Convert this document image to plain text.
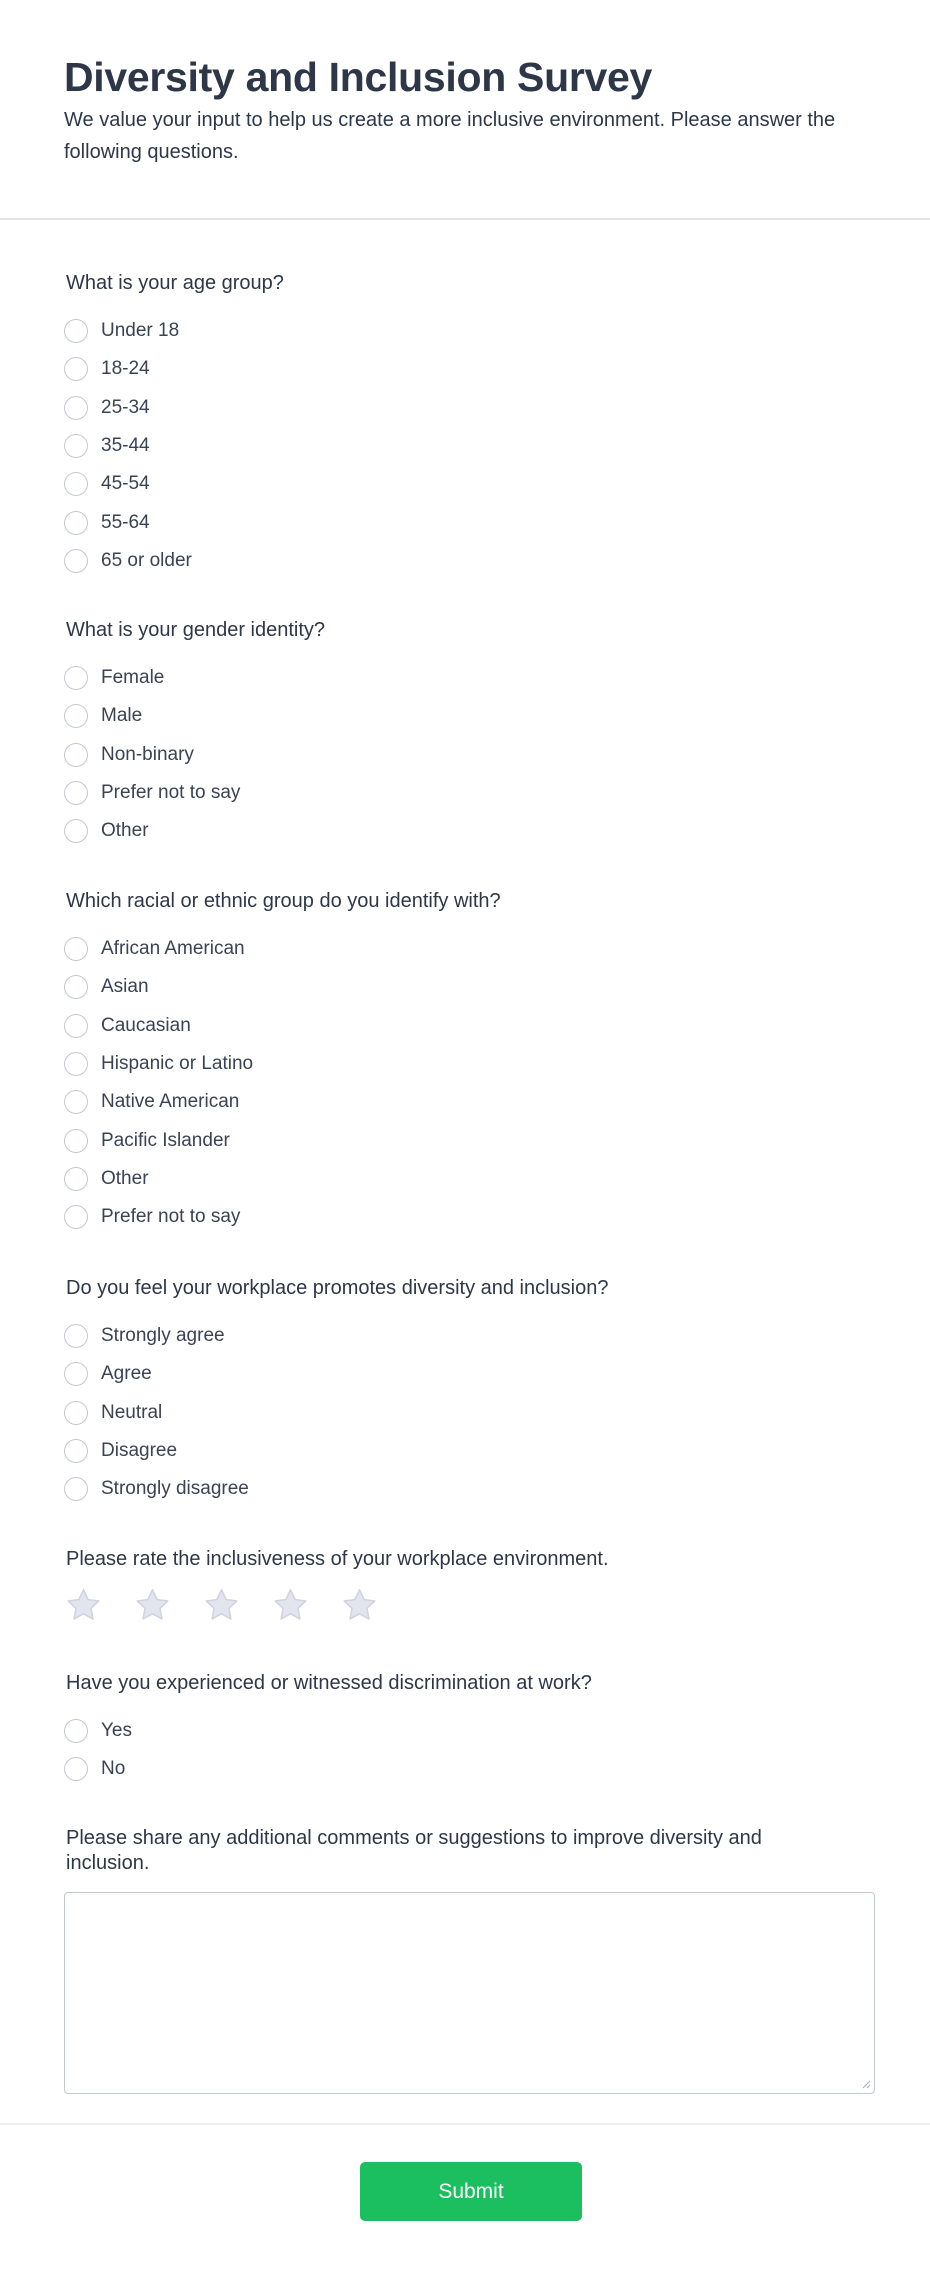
Diversity and Inclusion Survey

We value your input to help us create a more inclusive environment. Please answer the following questions.

What is your age group?
Under 18
18-24
25-34
35-44
45-54
55-64
65 or older
What is your gender identity?
Female
Male
Non-binary
Prefer not to say
Other
Which racial or ethnic group do you identify with?
African American
Asian
Caucasian
Hispanic or Latino
Native American
Pacific Islander
Other
Prefer not to say
Do you feel your workplace promotes diversity and inclusion?
Strongly agree
Agree
Neutral
Disagree
Strongly disagree
Please rate the inclusiveness of your workplace environment.
Have you experienced or witnessed discrimination at work?
Yes
No
Please share any additional comments or suggestions to improve diversity and inclusion.
Submit
